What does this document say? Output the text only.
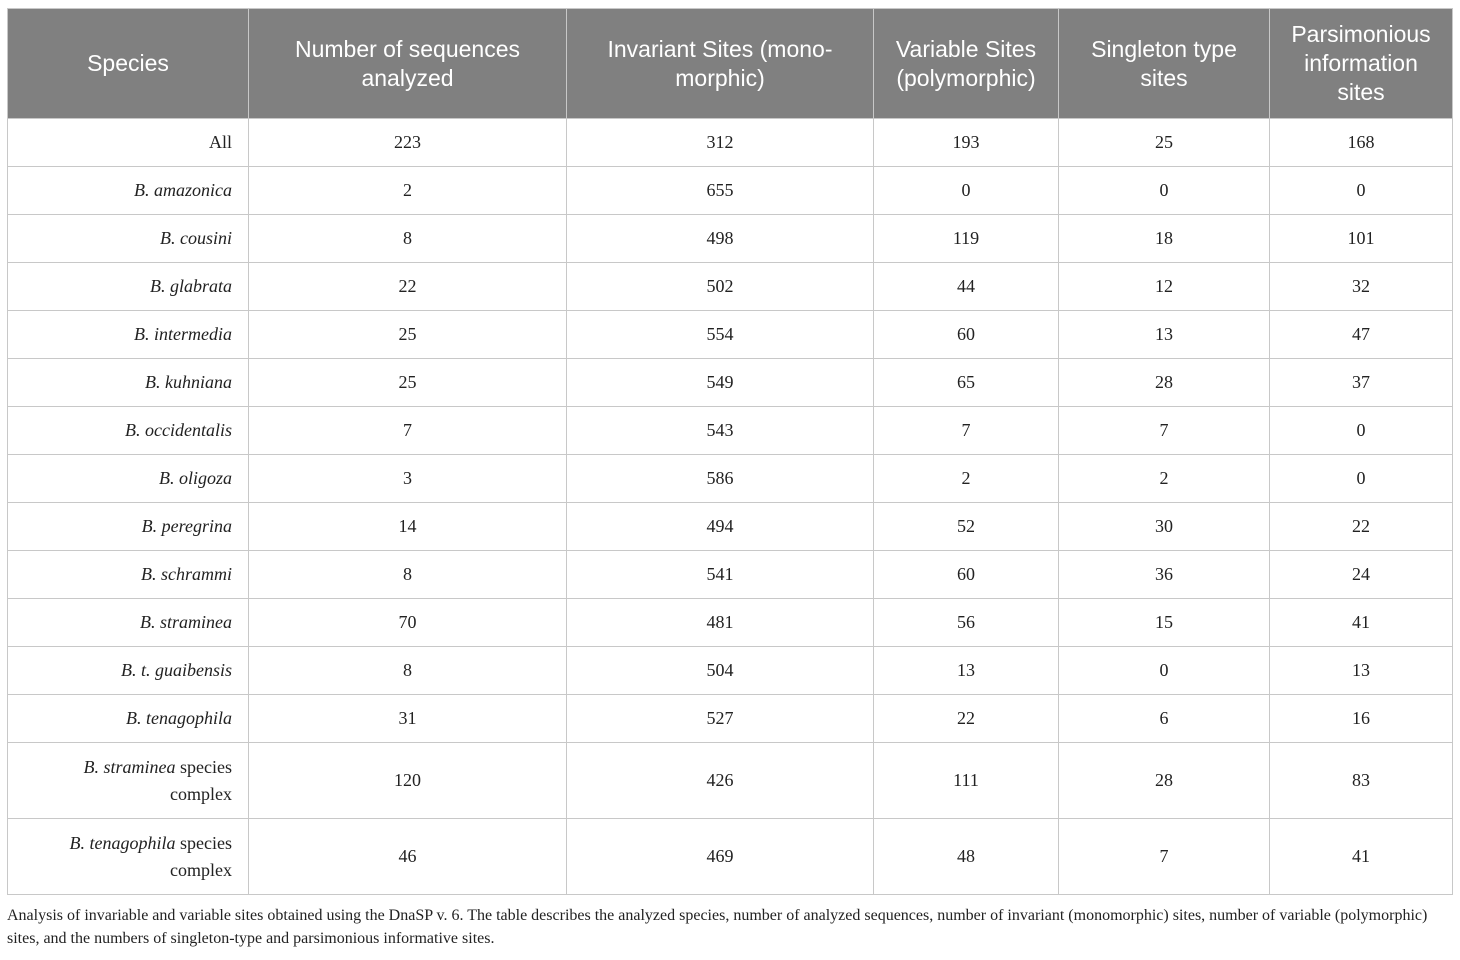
Species	Number of sequences analyzed	Invariant Sites (mono-morphic)	Variable Sites (polymorphic)	Singleton type sites	Parsimonious information sites
All	223	312	193	25	168
B. amazonica	2	655	0	0	0
B. cousini	8	498	119	18	101
B. glabrata	22	502	44	12	32
B. intermedia	25	554	60	13	47
B. kuhniana	25	549	65	28	37
B. occidentalis	7	543	7	7	0
B. oligoza	3	586	2	2	0
B. peregrina	14	494	52	30	22
B. schrammi	8	541	60	36	24
B. straminea	70	481	56	15	41
B. t. guaibensis	8	504	13	0	13
B. tenagophila	31	527	22	6	16
B. straminea species complex	120	426	111	28	83
B. tenagophila species complex	46	469	48	7	41
Analysis of invariable and variable sites obtained using the DnaSP v. 6. The table describes the analyzed species, number of analyzed sequences, number of invariant (monomorphic) sites, number of variable (polymorphic) sites, and the numbers of singleton-type and parsimonious informative sites.
